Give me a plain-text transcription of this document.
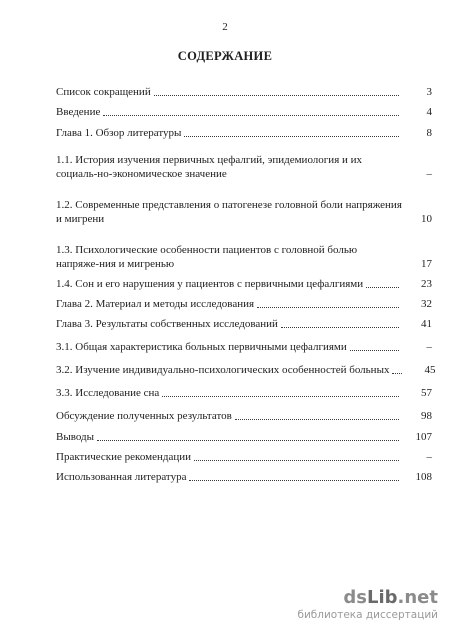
2
СОДЕРЖАНИЕ
Список сокращений	3
Введение	4
Глава 1. Обзор литературы	8
1.1. История изучения первичных цефалгий, эпидемиология и их социаль-но-экономическое значение	–
1.2. Современные представления о патогенезе головной боли напряжения и мигрени	10
1.3. Психологические особенности пациентов с головной болью напряже-ния и мигренью	17
1.4. Сон и его нарушения у пациентов с первичными цефалгиями	23
Глава 2. Материал и методы исследования	32
Глава 3. Результаты собственных исследований	41
3.1. Общая характеристика больных первичными цефалгиями	–
3.2. Изучение индивидуально-психологических особенностей больных	45
3.3. Исследование сна	57
Обсуждение полученных результатов	98
Выводы	107
Практические рекомендации	–
Использованная литература	108
dsLib.net
библиотека диссертаций
